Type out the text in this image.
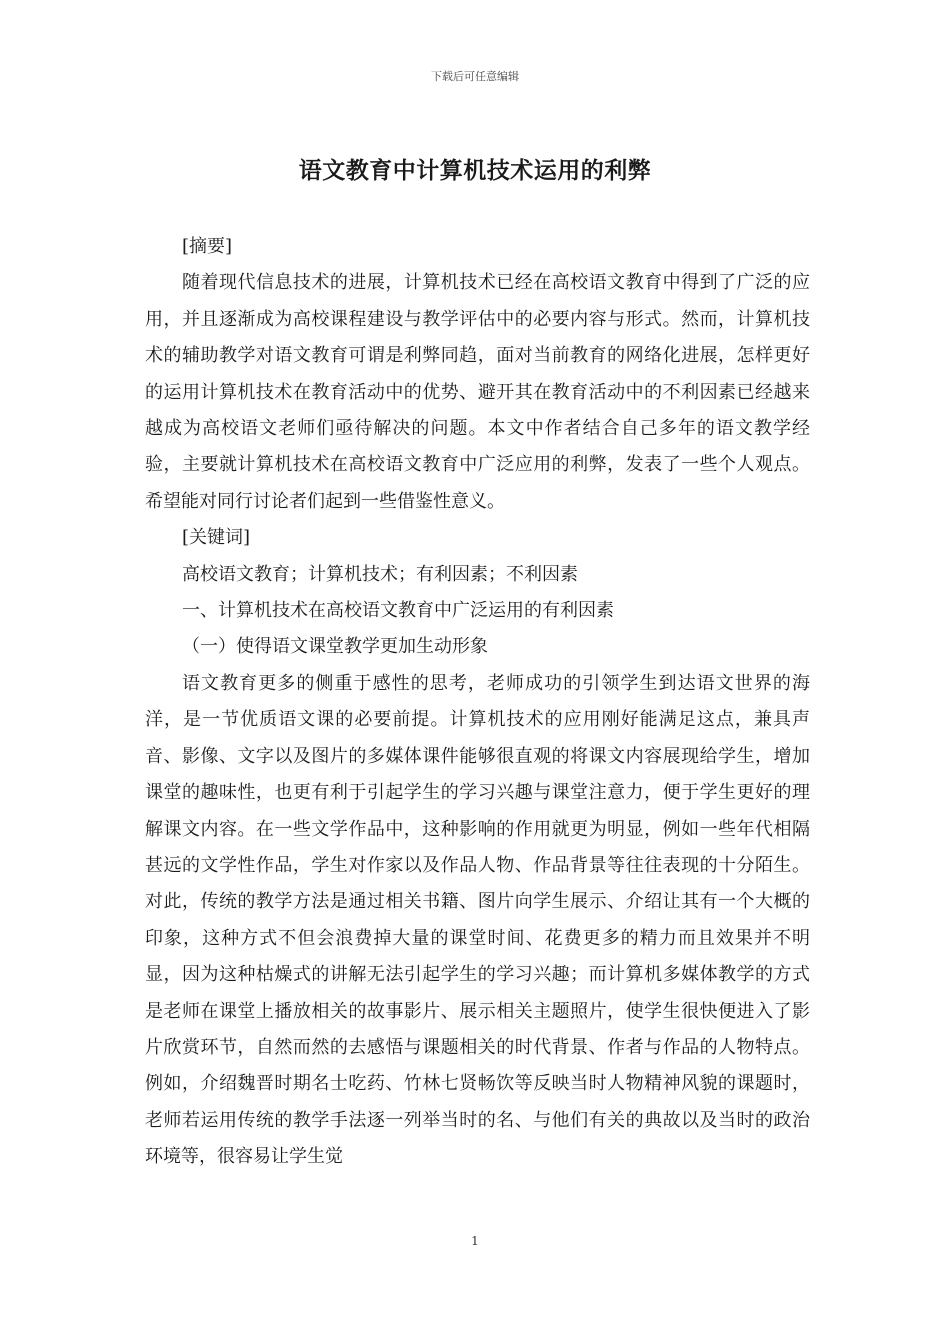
下载后可任意编辑
语文教育中计算机技术运用的利弊

[摘要]

随着现代信息技术的进展，计算机技术已经在高校语文教育中得到了广泛的应用，并且逐渐成为高校课程建设与教学评估中的必要内容与形式。然而，计算机技术的辅助教学对语文教育可谓是利弊同趋，面对当前教育的网络化进展，怎样更好的运用计算机技术在教育活动中的优势、避开其在教育活动中的不利因素已经越来越成为高校语文老师们亟待解决的问题。本文中作者结合自己多年的语文教学经验，主要就计算机技术在高校语文教育中广泛应用的利弊，发表了一些个人观点。希望能对同行讨论者们起到一些借鉴性意义。

[关键词]

高校语文教育；计算机技术；有利因素；不利因素

一、计算机技术在高校语文教育中广泛运用的有利因素

（一）使得语文课堂教学更加生动形象

语文教育更多的侧重于感性的思考，老师成功的引领学生到达语文世界的海洋，是一节优质语文课的必要前提。计算机技术的应用刚好能满足这点，兼具声音、影像、文字以及图片的多媒体课件能够很直观的将课文内容展现给学生，增加课堂的趣味性，也更有利于引起学生的学习兴趣与课堂注意力，便于学生更好的理解课文内容。在一些文学作品中，这种影响的作用就更为明显，例如一些年代相隔甚远的文学性作品，学生对作家以及作品人物、作品背景等往往表现的十分陌生。对此，传统的教学方法是通过相关书籍、图片向学生展示、介绍让其有一个大概的印象，这种方式不但会浪费掉大量的课堂时间、花费更多的精力而且效果并不明显，因为这种枯燥式的讲解无法引起学生的学习兴趣；而计算机多媒体教学的方式是老师在课堂上播放相关的故事影片、展示相关主题照片，使学生很快便进入了影片欣赏环节，自然而然的去感悟与课题相关的时代背景、作者与作品的人物特点。例如，介绍魏晋时期名士吃药、竹林七贤畅饮等反映当时人物精神风貌的课题时，老师若运用传统的教学手法逐一列举当时的名、与他们有关的典故以及当时的政治环境等，很容易让学生觉

1
